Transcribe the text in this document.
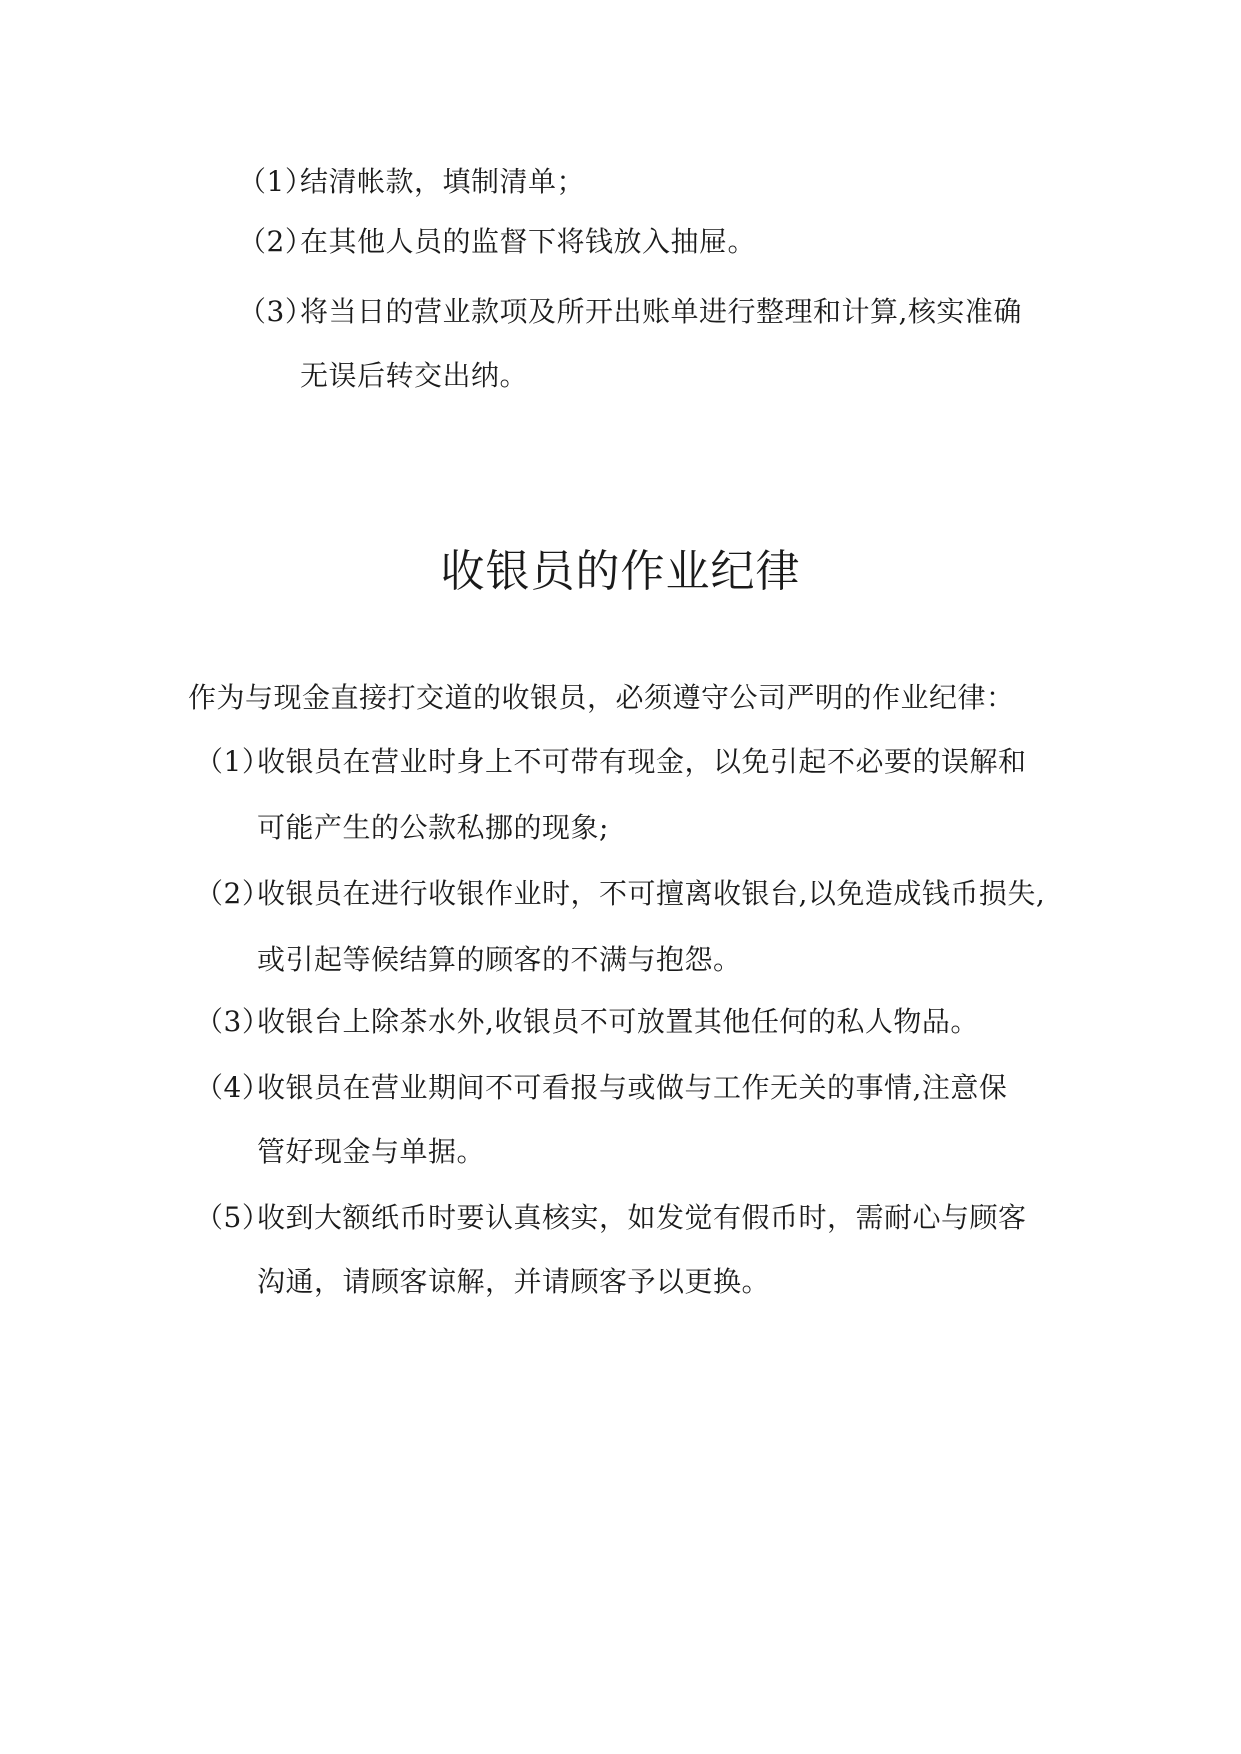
（1）结清帐款，填制清单；
（2）在其他人员的监督下将钱放入抽屉。
（3）将当日的营业款项及所开出账单进行整理和计算,核实准确
无误后转交出纳。
收银员的作业纪律
作为与现金直接打交道的收银员，必须遵守公司严明的作业纪律：
（1）收银员在营业时身上不可带有现金，以免引起不必要的误解和
可能产生的公款私挪的现象;
（2）收银员在进行收银作业时，不可擅离收银台,以免造成钱币损失,
或引起等候结算的顾客的不满与抱怨。
（3）收银台上除茶水外,收银员不可放置其他任何的私人物品。
（4）收银员在营业期间不可看报与或做与工作无关的事情,注意保
管好现金与单据。
（5）收到大额纸币时要认真核实，如发觉有假币时，需耐心与顾客
沟通，请顾客谅解，并请顾客予以更换。
